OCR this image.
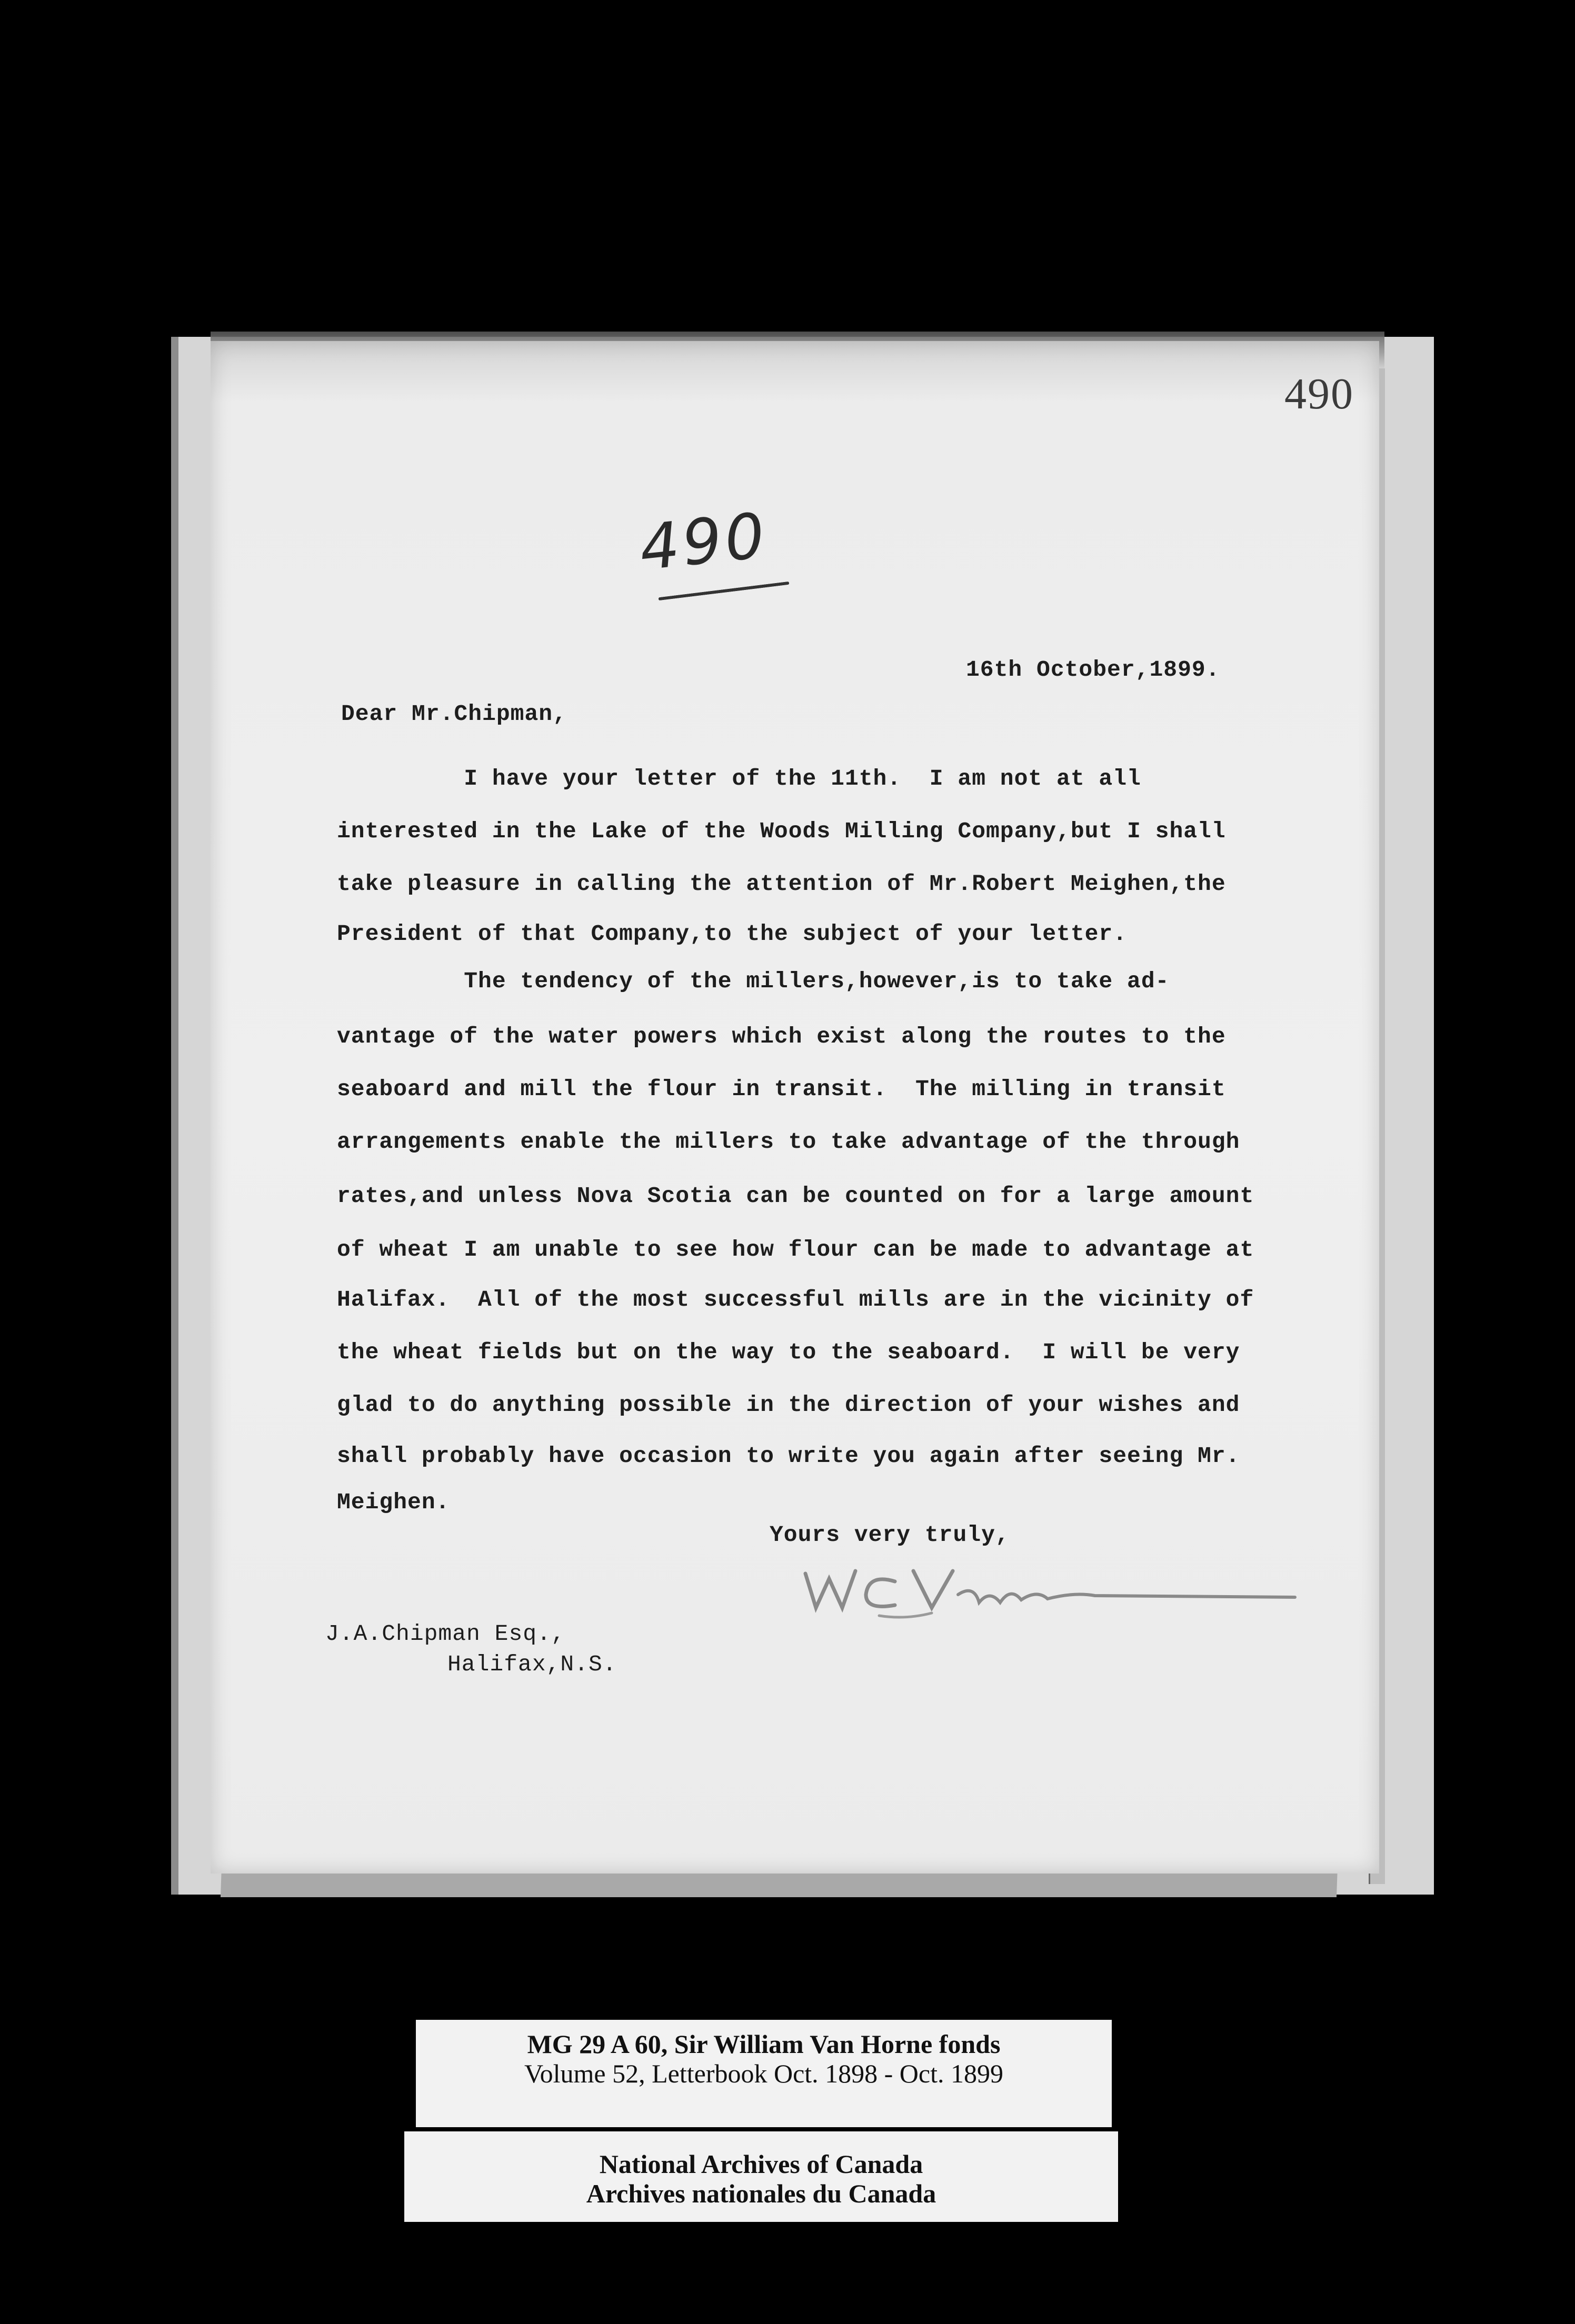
490
490
16th October,1899.
Dear Mr.Chipman,
I have your letter of the 11th.  I am not at all
interested in the Lake of the Woods Milling Company,but I shall
take pleasure in calling the attention of Mr.Robert Meighen,the
President of that Company,to the subject of your letter.
The tendency of the millers,however,is to take ad-
vantage of the water powers which exist along the routes to the
seaboard and mill the flour in transit.  The milling in transit
arrangements enable the millers to take advantage of the through
rates,and unless Nova Scotia can be counted on for a large amount
of wheat I am unable to see how flour can be made to advantage at
Halifax.  All of the most successful mills are in the vicinity of
the wheat fields but on the way to the seaboard.  I will be very
glad to do anything possible in the direction of your wishes and
shall probably have occasion to write you again after seeing Mr.
Meighen.
Yours very truly,
J.A.Chipman Esq.,
Halifax,N.S.
MG 29 A 60, Sir William Van Horne fonds
Volume 52, Letterbook Oct. 1898 - Oct. 1899
National Archives of Canada
Archives nationales du Canada
